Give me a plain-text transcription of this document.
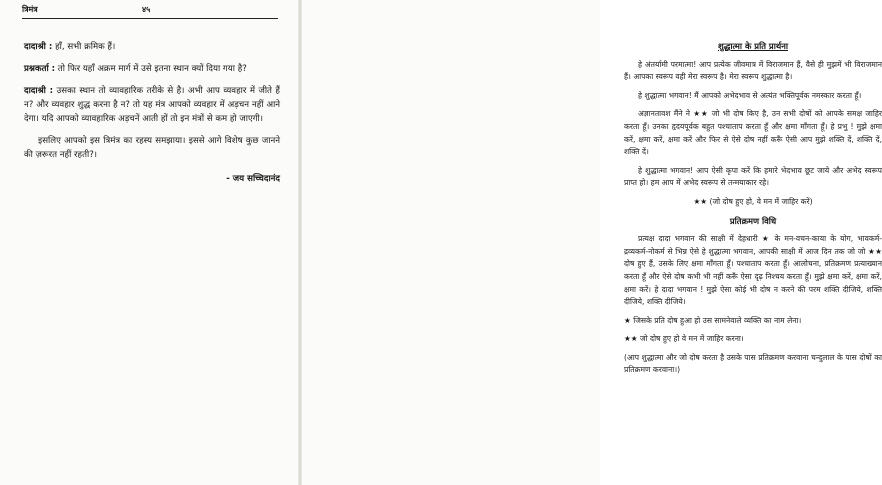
त्रिमंत्र	४५

दादाश्री : हाँ, सभी क्रमिक हैं।

प्रश्नकर्ता : तो फिर यहाँ अक्रम मार्ग में उसे इतना स्थान क्यों दिया गया है?

दादाश्री : उसका स्थान तो व्यावहारिक तरीके से है। अभी आप व्यवहार में जीते हैं न? और व्यवहार शुद्ध करना है न? तो यह मंत्र आपको व्यवहार में अड़चन नहीं आने देगा। यदि आपको व्यावहारिक अड़चनें आती हों तो इन मंत्रों से कम हो जाएगी।

इसलिए आपको इस त्रिमंत्र का रहस्य समझाया। इससे आगे विशेष कुछ जानने की ज़रूरत नहीं रहती?।

- जय सच्चिदानंद
शुद्धात्मा के प्रति प्रार्थना

हे अंतर्यामी परमात्मा! आप प्रत्येक जीवमात्र में विराजमान हैं, वैसे ही मुझमें भी विराजमान हैं। आपका स्वरूप वही मेरा स्वरूप है। मेरा स्वरूप शुद्धात्मा है।

हे शुद्धात्मा भगवान! मैं आपको अभेदभाव से अत्यंत भक्तिपूर्वक नमस्कार करता हूँ।

अज्ञानतावश मैंने ने ★★ जो भी दोष किए है, उन सभी दोषों को आपके समक्ष जाहिर करता हूँ। उनका हृदयपूर्वक बहुत पश्चाताप करता हूँ और क्षमा माँगता हूँ। हे प्रभु ! मुझे क्षमा करें, क्षमा करें, क्षमा करें और फिर से ऐसे दोष नहीं करूँ ऐसी आप मुझे शक्ति दें, शक्ति दें, शक्ति दें।

हे शुद्धात्मा भगवान! आप ऐसी कृपा करें कि हमारे भेदभाव छूट जाये और अभेद स्वरूप प्राप्त हो। हम आप में अभेद स्वरूप से तन्मयाकार रहे।

★★ (जो दोष हुए हो, वे मन में जाहिर करें)
प्रतिक्रमण विधि

प्रत्यक्ष दादा भगवान की साक्षी में देहधारी ★ के मन-वचन-काया के योग, भावकर्म-द्रव्यकर्म-नोकर्म से भिन्न ऐसे हे शुद्धात्मा भगवान, आपकी साक्षी में आज दिन तक जो जो ★★ दोष हुए हैं, उसके लिए क्षमा माँगता हूँ। पश्चाताप करता हूँ। आलोचना, प्रतिक्रमण प्रत्याख्यान करता हूँ और ऐसे दोष कभी भी नहीं करूँ ऐसा दृढ़ निश्चय करता हूँ। मुझे क्षमा करें, क्षमा करें, क्षमा करें। हे दादा भगवान ! मुझे ऐसा कोई भी दोष न करने की परम शक्ति दीजिये, शक्ति दीजिये, शक्ति दीजिये।

★ जिसके प्रति दोष हुआ हो उस सामनेवाले व्यक्ति का नाम लेना।

★★ जो दोष हुए हो वे मन में जाहिर करना।

(आप शुद्धात्मा और जो दोष करता है उसके पास प्रतिक्रमण करवाना चन्दुलाल के पास दोषों का प्रतिक्रमण करवाना।)
